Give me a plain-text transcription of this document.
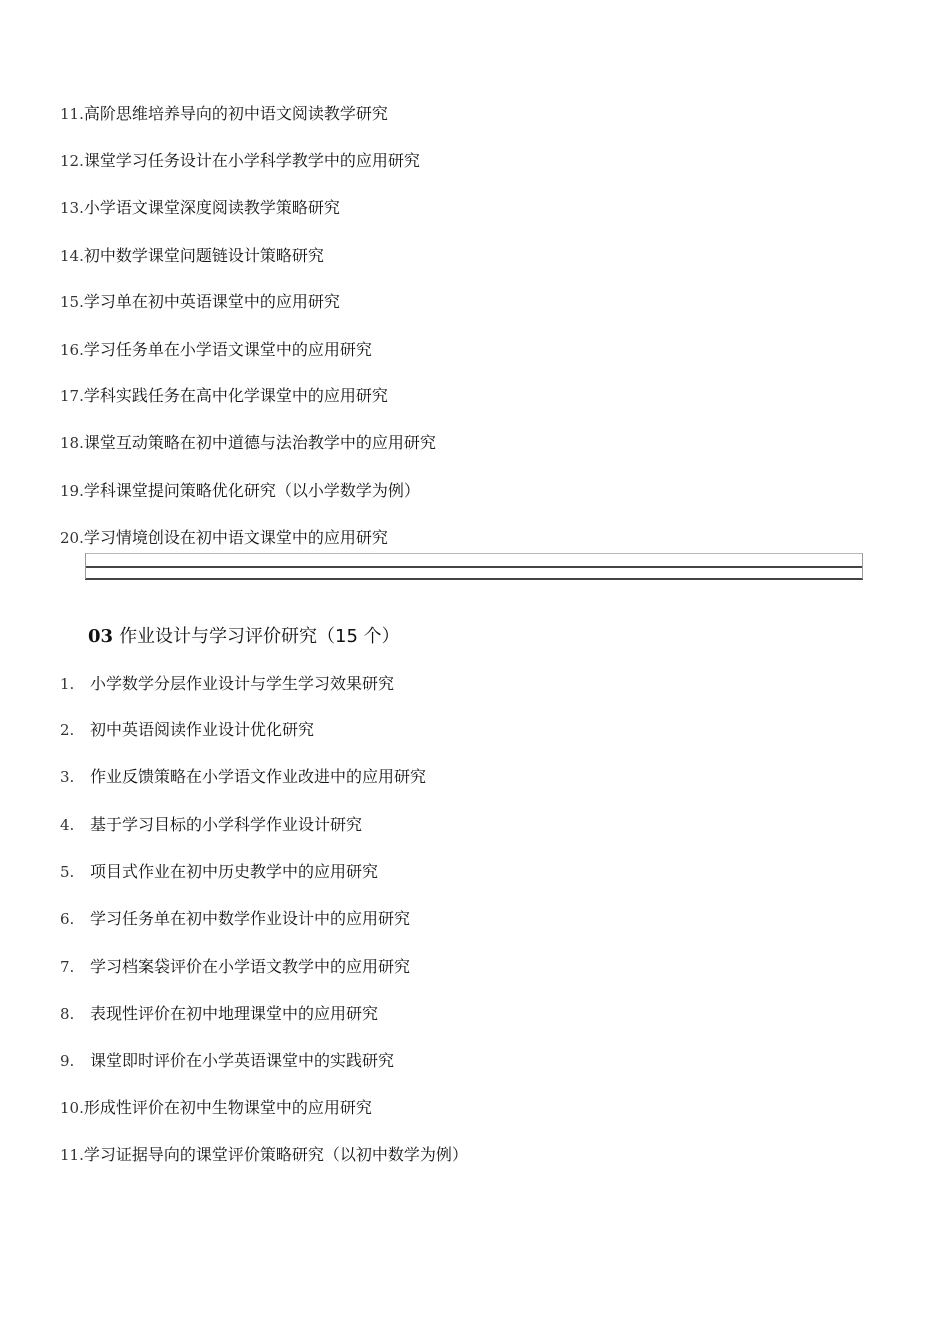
11.高阶思维培养导向的初中语文阅读教学研究
12.课堂学习任务设计在小学科学教学中的应用研究
13.小学语文课堂深度阅读教学策略研究
14.初中数学课堂问题链设计策略研究
15.学习单在初中英语课堂中的应用研究
16.学习任务单在小学语文课堂中的应用研究
17.学科实践任务在高中化学课堂中的应用研究
18.课堂互动策略在初中道德与法治教学中的应用研究
19.学科课堂提问策略优化研究（以小学数学为例）
20.学习情境创设在初中语文课堂中的应用研究
03 作业设计与学习评价研究（15 个）
1. 小学数学分层作业设计与学生学习效果研究
2. 初中英语阅读作业设计优化研究
3. 作业反馈策略在小学语文作业改进中的应用研究
4. 基于学习目标的小学科学作业设计研究
5. 项目式作业在初中历史教学中的应用研究
6. 学习任务单在初中数学作业设计中的应用研究
7. 学习档案袋评价在小学语文教学中的应用研究
8. 表现性评价在初中地理课堂中的应用研究
9. 课堂即时评价在小学英语课堂中的实践研究
10.形成性评价在初中生物课堂中的应用研究
11.学习证据导向的课堂评价策略研究（以初中数学为例）
